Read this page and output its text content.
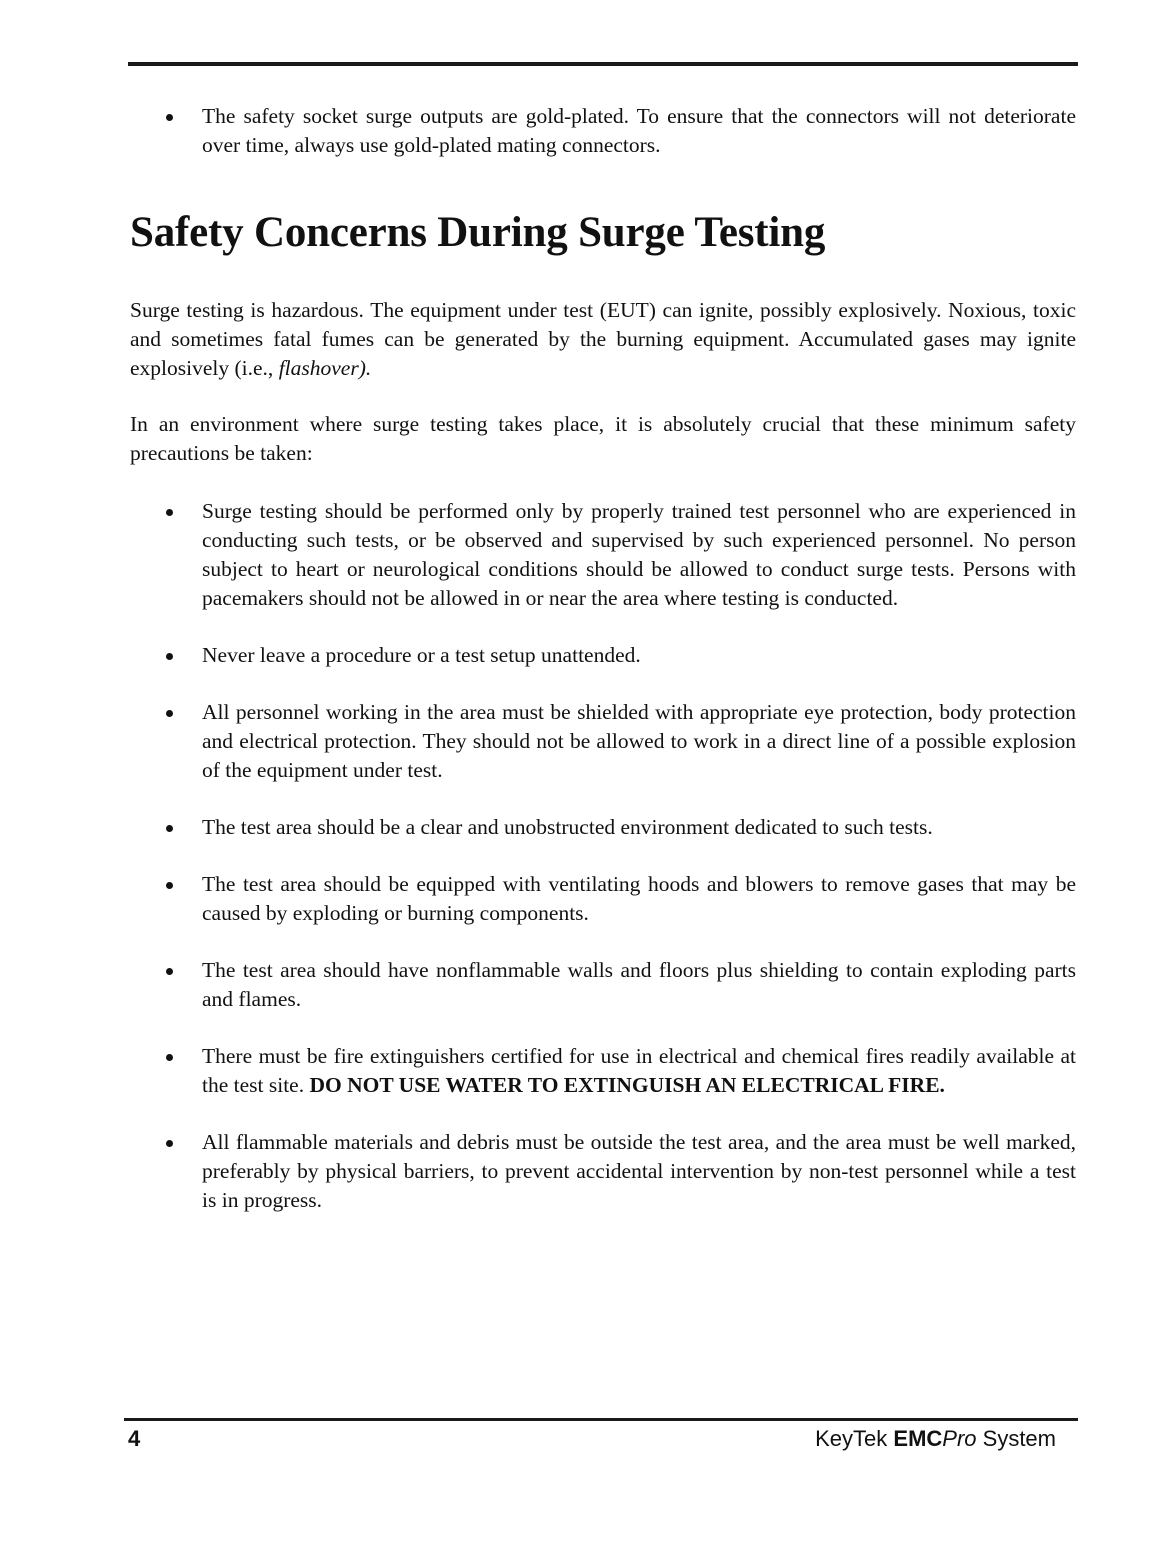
The safety socket surge outputs are gold-plated. To ensure that the connectors will not deteriorate over time, always use gold-plated mating connectors.
Safety Concerns During Surge Testing

Surge testing is hazardous. The equipment under test (EUT) can ignite, possibly explosively. Noxious, toxic and sometimes fatal fumes can be generated by the burning equipment. Accumulated gases may ignite explosively (i.e., flashover).

In an environment where surge testing takes place, it is absolutely crucial that these minimum safety precautions be taken:

Surge testing should be performed only by properly trained test personnel who are experienced in conducting such tests, or be observed and supervised by such experienced personnel. No person subject to heart or neurological conditions should be allowed to conduct surge tests. Persons with pacemakers should not be allowed in or near the area where testing is conducted.
Never leave a procedure or a test setup unattended.
All personnel working in the area must be shielded with appropriate eye protection, body protection and electrical protection. They should not be allowed to work in a direct line of a possible explosion of the equipment under test.
The test area should be a clear and unobstructed environment dedicated to such tests.
The test area should be equipped with ventilating hoods and blowers to remove gases that may be caused by exploding or burning components.
The test area should have nonflammable walls and floors plus shielding to contain exploding parts and flames.
There must be fire extinguishers certified for use in electrical and chemical fires readily available at the test site. DO NOT USE WATER TO EXTINGUISH AN ELECTRICAL FIRE.
All flammable materials and debris must be outside the test area, and the area must be well marked, preferably by physical barriers, to prevent accidental intervention by non-test personnel while a test is in progress.
4	KeyTek EMCPro System
